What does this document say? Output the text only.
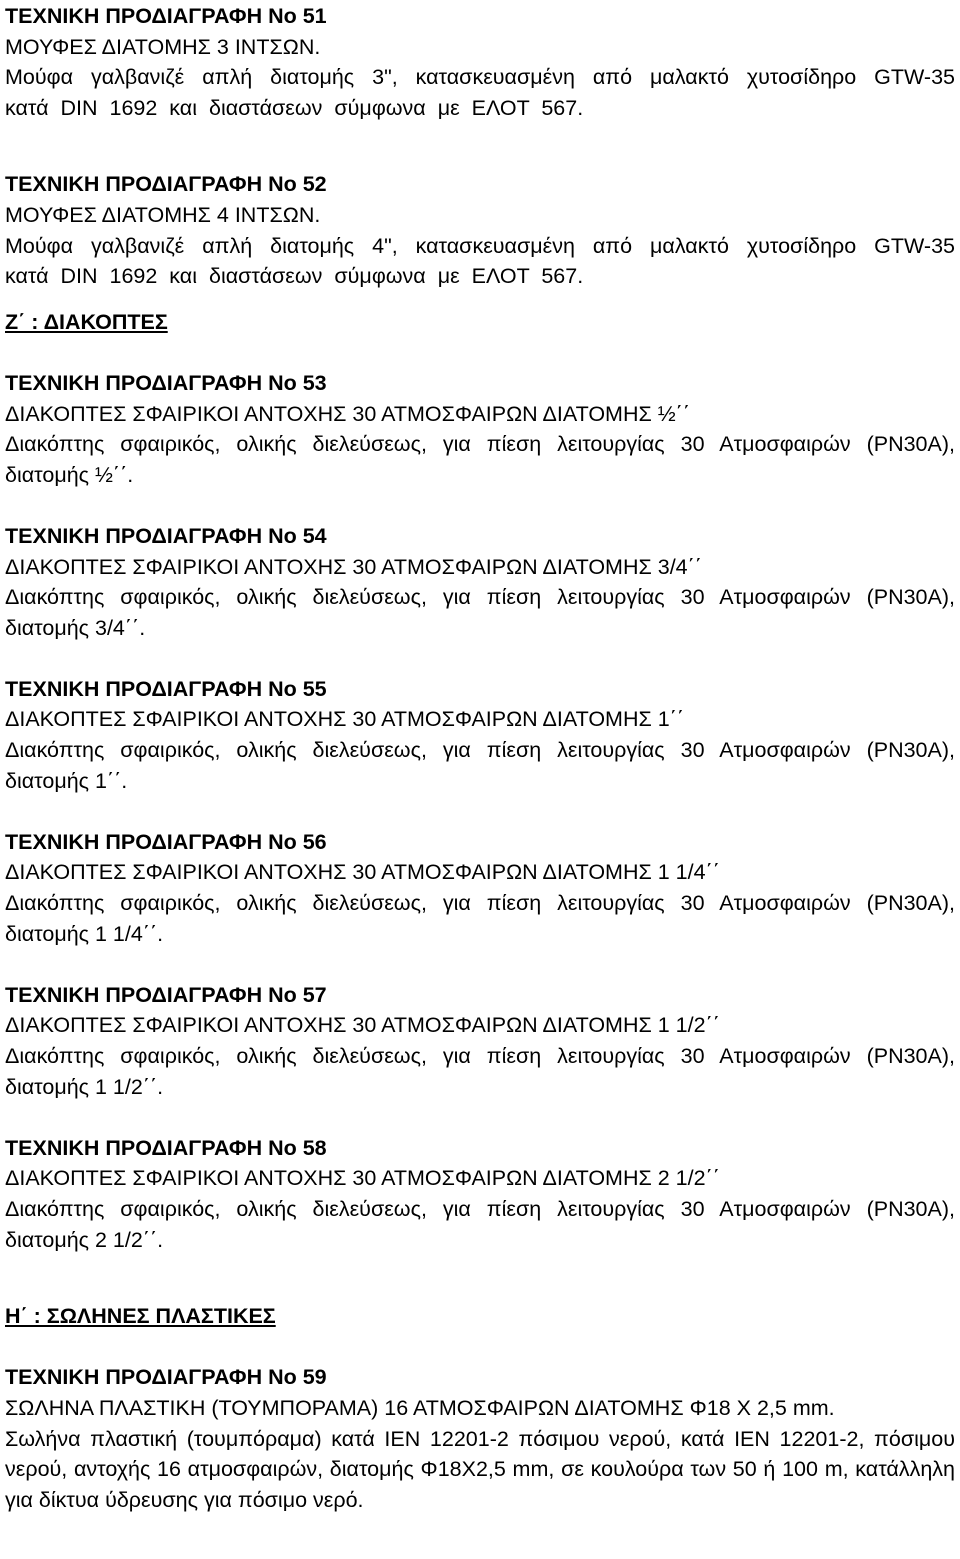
ΤΕΧΝΙΚΗ ΠΡΟΔΙΑΓΡΑΦΗ Νο 51

ΜΟΥΦΕΣ ΔΙΑΤΟΜΗΣ 3 ΙΝΤΣΩΝ.

Μούφα γαλβανιζέ απλή διατομής 3", κατασκευασμένη από μαλακτό χυτοσίδηρο GTW-35 κατά DIN 1692 και διαστάσεων σύμφωνα με ΕΛΟΤ 567.

ΤΕΧΝΙΚΗ ΠΡΟΔΙΑΓΡΑΦΗ Νο 52

ΜΟΥΦΕΣ ΔΙΑΤΟΜΗΣ 4 ΙΝΤΣΩΝ.

Μούφα γαλβανιζέ απλή διατομής 4", κατασκευασμένη από μαλακτό χυτοσίδηρο GTW-35 κατά DIN 1692 και διαστάσεων σύμφωνα με ΕΛΟΤ 567.

Ζ΄ : ΔΙΑΚΟΠΤΕΣ

ΤΕΧΝΙΚΗ ΠΡΟΔΙΑΓΡΑΦΗ Νο 53

ΔΙΑΚΟΠΤΕΣ ΣΦΑΙΡΙΚΟΙ ΑΝΤΟΧΗΣ 30 ΑΤΜΟΣΦΑΙΡΩΝ ΔΙΑΤΟΜΗΣ ½΄΄

Διακόπτης σφαιρικός, ολικής διελεύσεως, για πίεση λειτουργίας 30 Ατμοσφαιρών (PN30A), διατομής ½΄΄.

ΤΕΧΝΙΚΗ ΠΡΟΔΙΑΓΡΑΦΗ Νο 54

ΔΙΑΚΟΠΤΕΣ ΣΦΑΙΡΙΚΟΙ ΑΝΤΟΧΗΣ 30 ΑΤΜΟΣΦΑΙΡΩΝ ΔΙΑΤΟΜΗΣ 3/4΄΄

Διακόπτης σφαιρικός, ολικής διελεύσεως, για πίεση λειτουργίας 30 Ατμοσφαιρών (PN30A), διατομής 3/4΄΄.

ΤΕΧΝΙΚΗ ΠΡΟΔΙΑΓΡΑΦΗ Νο 55

ΔΙΑΚΟΠΤΕΣ ΣΦΑΙΡΙΚΟΙ ΑΝΤΟΧΗΣ 30 ΑΤΜΟΣΦΑΙΡΩΝ ΔΙΑΤΟΜΗΣ 1΄΄

Διακόπτης σφαιρικός, ολικής διελεύσεως, για πίεση λειτουργίας 30 Ατμοσφαιρών (PN30A), διατομής 1΄΄.

ΤΕΧΝΙΚΗ ΠΡΟΔΙΑΓΡΑΦΗ Νο 56

ΔΙΑΚΟΠΤΕΣ ΣΦΑΙΡΙΚΟΙ ΑΝΤΟΧΗΣ 30 ΑΤΜΟΣΦΑΙΡΩΝ ΔΙΑΤΟΜΗΣ 1 1/4΄΄

Διακόπτης σφαιρικός, ολικής διελεύσεως, για πίεση λειτουργίας 30 Ατμοσφαιρών (PN30A), διατομής 1 1/4΄΄.

ΤΕΧΝΙΚΗ ΠΡΟΔΙΑΓΡΑΦΗ Νο 57

ΔΙΑΚΟΠΤΕΣ ΣΦΑΙΡΙΚΟΙ ΑΝΤΟΧΗΣ 30 ΑΤΜΟΣΦΑΙΡΩΝ ΔΙΑΤΟΜΗΣ 1 1/2΄΄

Διακόπτης σφαιρικός, ολικής διελεύσεως, για πίεση λειτουργίας 30 Ατμοσφαιρών (PN30A), διατομής 1 1/2΄΄.

ΤΕΧΝΙΚΗ ΠΡΟΔΙΑΓΡΑΦΗ Νο 58

ΔΙΑΚΟΠΤΕΣ ΣΦΑΙΡΙΚΟΙ ΑΝΤΟΧΗΣ 30 ΑΤΜΟΣΦΑΙΡΩΝ ΔΙΑΤΟΜΗΣ 2 1/2΄΄

Διακόπτης σφαιρικός, ολικής διελεύσεως, για πίεση λειτουργίας 30 Ατμοσφαιρών (PN30A), διατομής 2 1/2΄΄.

Η΄ : ΣΩΛΗΝΕΣ ΠΛΑΣΤΙΚΕΣ

ΤΕΧΝΙΚΗ ΠΡΟΔΙΑΓΡΑΦΗ Νο 59

ΣΩΛΗΝΑ ΠΛΑΣΤΙΚΗ (ΤΟΥΜΠΟΡΑΜΑ) 16 ΑΤΜΟΣΦΑΙΡΩΝ ΔΙΑΤΟΜΗΣ Φ18 Χ 2,5 mm.

Σωλήνα πλαστική (τουμπόραμα) κατά ΙΕΝ 12201-2 πόσιμου νερού, κατά ΙΕΝ 12201-2, πόσιμου νερού, αντοχής 16 ατμοσφαιρών, διατομής Φ18Χ2,5 mm, σε κουλούρα των 50 ή 100 m, κατάλληλη για δίκτυα ύδρευσης για πόσιμο νερό.
